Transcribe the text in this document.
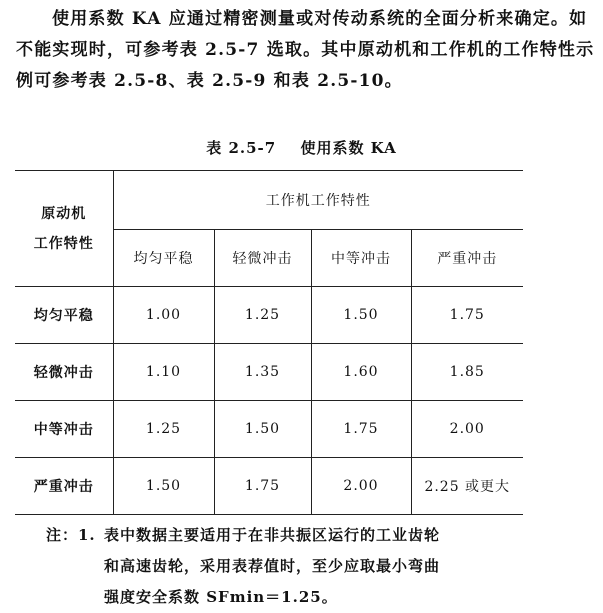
使用系数 KA 应通过精密测量或对传动系统的全面分析来确定。如不能实现时，可参考表 2.5-7 选取。其中原动机和工作机的工作特性示例可参考表 2.5-8、表 2.5-9 和表 2.5-10。

表 2.5-7 使用系数 KA
原动机
工作特性	工作机工作特性			
	均匀平稳	轻微冲击	中等冲击	严重冲击
均匀平稳	1.00	1.25	1.50	1.75
轻微冲击	1.10	1.35	1.60	1.85
中等冲击	1.25	1.50	1.75	2.00
严重冲击	1.50	1.75	2.00	2.25 或更大
注：1. 表中数据主要适用于在非共振区运行的工业齿轮
和高速齿轮，采用表荐值时，至少应取最小弯曲
强度安全系数 SFmin＝1.25。
